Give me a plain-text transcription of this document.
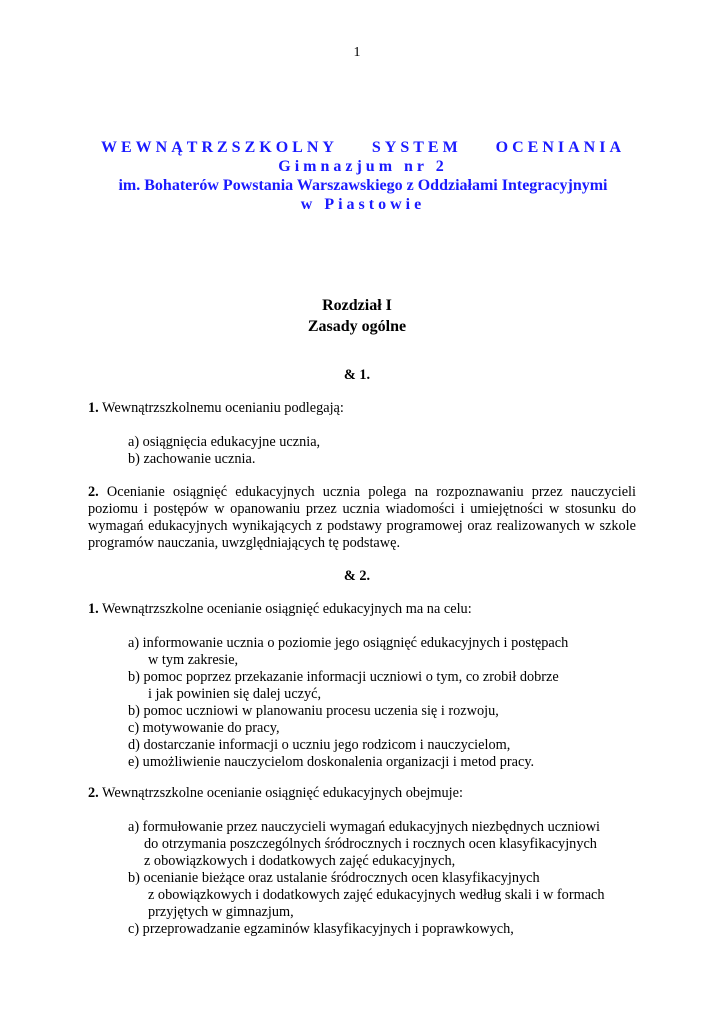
1
WEWNĄTRZSZKOLNY SYSTEM OCENIANIA
Gimnazjum nr 2
im. Bohaterów Powstania Warszawskiego z Oddziałami Integracyjnymi
w Piastowie
Rozdział I
Zasady ogólne
& 1.
1. Wewnątrzszkolnemu ocenianiu podlegają:
a) osiągnięcia edukacyjne ucznia,
b) zachowanie ucznia.
2. Ocenianie osiągnięć edukacyjnych ucznia polega na rozpoznawaniu przez nauczycieli poziomu i postępów w opanowaniu przez ucznia wiadomości i umiejętności w stosunku do wymagań edukacyjnych wynikających z podstawy programowej oraz realizowanych w szkole programów nauczania, uwzględniających tę podstawę.
& 2.
1. Wewnątrzszkolne ocenianie osiągnięć edukacyjnych ma na celu:
a) informowanie ucznia o poziomie jego osiągnięć edukacyjnych i postępach
w tym zakresie,
b) pomoc poprzez przekazanie informacji uczniowi o tym, co zrobił dobrze
i jak powinien się dalej uczyć,
b) pomoc uczniowi w planowaniu procesu uczenia się i rozwoju,
c) motywowanie do pracy,
d) dostarczanie informacji o uczniu jego rodzicom i nauczycielom,
e) umożliwienie nauczycielom doskonalenia organizacji i metod pracy.
2. Wewnątrzszkolne ocenianie osiągnięć edukacyjnych obejmuje:
a) formułowanie przez nauczycieli wymagań edukacyjnych niezbędnych uczniowi
do otrzymania poszczególnych śródrocznych i rocznych ocen klasyfikacyjnych
z obowiązkowych i dodatkowych zajęć edukacyjnych,
b) ocenianie bieżące oraz ustalanie śródrocznych ocen klasyfikacyjnych
z obowiązkowych i dodatkowych zajęć edukacyjnych według skali i w formach
przyjętych w gimnazjum,
c) przeprowadzanie egzaminów klasyfikacyjnych i poprawkowych,
